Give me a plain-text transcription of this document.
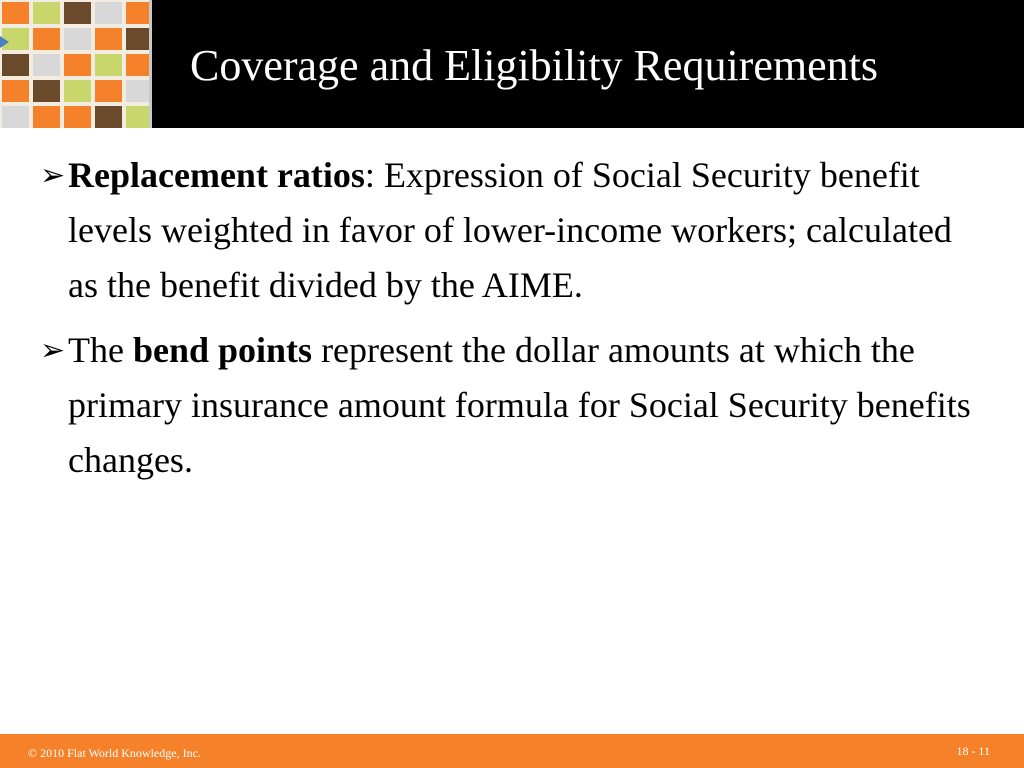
Coverage and Eligibility Requirements
➢ Replacement ratios: Expression of Social Security benefit levels weighted in favor of lower-income workers; calculated as the benefit divided by the AIME.
➢ The bend points represent the dollar amounts at which the primary insurance amount formula for Social Security benefits changes.
© 2010 Flat World Knowledge, Inc.	18 - 11
